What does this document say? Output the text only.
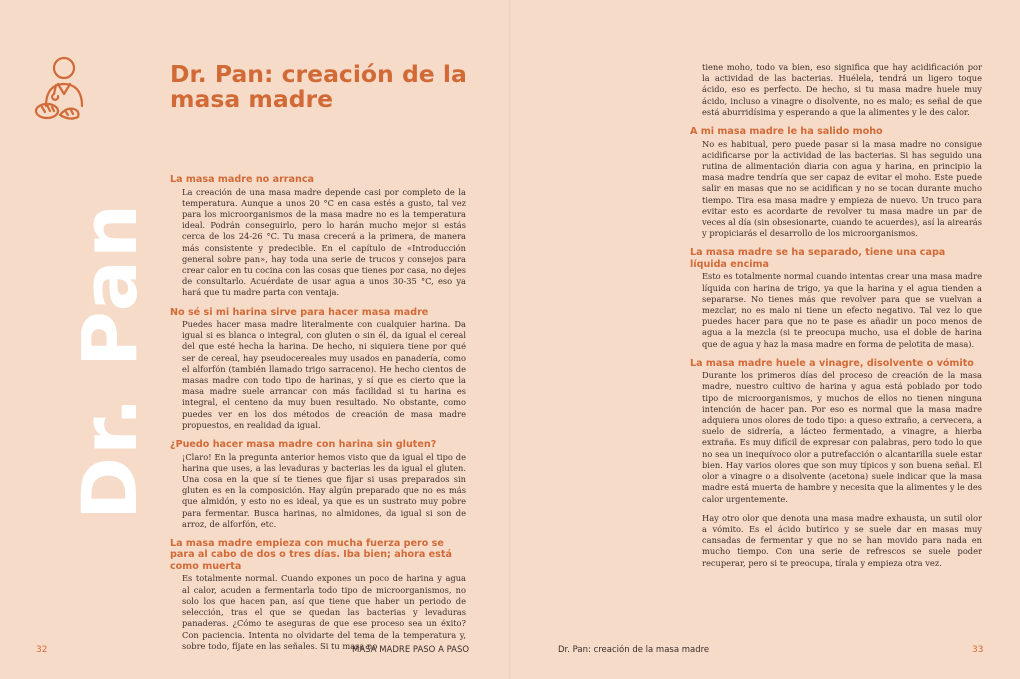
Dr. Pan
Dr. Pan: creación de la masa madre
La masa madre no arranca

La creación de una masa madre depende casi por completo de la temperatura. Aunque a unos 20 °C en casa estés a gusto, tal vez para los microorganismos de la masa madre no es la temperatura ideal. Podrán conseguirlo, pero lo harán mucho mejor si estás cerca de los 24-26 °C. Tu masa crecerá a la primera, de manera más consistente y predecible. En el capítulo de «Introducción general sobre pan», hay toda una serie de trucos y consejos para crear calor en tu cocina con las cosas que tienes por casa, no dejes de consultarlo. Acuérdate de usar agua a unos 30-35 °C, eso ya hará que tu madre parta con ventaja.

No sé si mi harina sirve para hacer masa madre

Puedes hacer masa madre literalmente con cualquier harina. Da igual si es blanca o integral, con gluten o sin él, da igual el cereal del que esté hecha la harina. De hecho, ni siquiera tiene por qué ser de cereal, hay pseudocereales muy usados en panadería, como el alforfón (también llamado trigo sarraceno). He hecho cientos de masas madre con todo tipo de harinas, y sí que es cierto que la masa madre suele arrancar con más facilidad si tu harina es integral, el centeno da muy buen resultado. No obstante, como puedes ver en los dos métodos de creación de masa madre propuestos, en realidad da igual.

¿Puedo hacer masa madre con harina sin gluten?

¡Claro! En la pregunta anterior hemos visto que da igual el tipo de harina que uses, a las levaduras y bacterias les da igual el gluten. Una cosa en la que sí te tienes que fijar si usas preparados sin gluten es en la composición. Hay algún preparado que no es más que almidón, y esto no es ideal, ya que es un sustrato muy pobre para fermentar. Busca harinas, no almidones, da igual si son de arroz, de alforfón, etc.

La masa madre empieza con mucha fuerza pero se para al cabo de dos o tres días. Iba bien; ahora está como muerta

Es totalmente normal. Cuando expones un poco de harina y agua al calor, acuden a fermentarla todo tipo de microorganismos, no solo los que hacen pan, así que tiene que haber un periodo de selección, tras el que se quedan las bacterias y levaduras panaderas. ¿Cómo te aseguras de que ese proceso sea un éxito? Con paciencia. Intenta no olvidarte del tema de la temperatura y, sobre todo, fíjate en las señales. Si tu masa no

32	MASA MADRE PASO A PASO	Dr. Pan: creación de la masa madre	33

tiene moho, todo va bien, eso significa que hay acidificación por la actividad de las bacterias. Huélela, tendrá un ligero toque ácido, eso es perfecto. De hecho, si tu masa madre huele muy ácido, incluso a vinagre o disolvente, no es malo; es señal de que está aburridísima y esperando a que la alimentes y le des calor.

A mi masa madre le ha salido moho

No es habitual, pero puede pasar si la masa madre no consigue acidificarse por la actividad de las bacterias. Si has seguido una rutina de alimentación diaria con agua y harina, en principio la masa madre tendría que ser capaz de evitar el moho. Este puede salir en masas que no se acidifican y no se tocan durante mucho tiempo. Tira esa masa madre y empieza de nuevo. Un truco para evitar esto es acordarte de revolver tu masa madre un par de veces al día (sin obsesionarte, cuando te acuerdes), así la airearás y propiciarás el desarrollo de los microorganismos.

La masa madre se ha separado, tiene una capa líquida encima

Esto es totalmente normal cuando intentas crear una masa madre líquida con harina de trigo, ya que la harina y el agua tienden a separarse. No tienes más que revolver para que se vuelvan a mezclar, no es malo ni tiene un efecto negativo. Tal vez lo que puedes hacer para que no te pase es añadir un poco menos de agua a la mezcla (si te preocupa mucho, usa el doble de harina que de agua y haz la masa madre en forma de pelotita de masa).

La masa madre huele a vinagre, disolvente o vómito

Durante los primeros días del proceso de creación de la masa madre, nuestro cultivo de harina y agua está poblado por todo tipo de microorganismos, y muchos de ellos no tienen ninguna intención de hacer pan. Por eso es normal que la masa madre adquiera unos olores de todo tipo: a queso extraño, a cervecera, a suelo de sidrería, a lácteo fermentado, a vinagre, a hierba extraña. Es muy difícil de expresar con palabras, pero todo lo que no sea un inequívoco olor a putrefacción o alcantarilla suele estar bien. Hay varios olores que son muy típicos y son buena señal. El olor a vinagre o a disolvente (acetona) suele indicar que la masa madre está muerta de hambre y necesita que la alimentes y le des calor urgentemente.

Hay otro olor que denota una masa madre exhausta, un sutil olor a vómito. Es el ácido butírico y se suele dar en masas muy cansadas de fermentar y que no se han movido para nada en mucho tiempo. Con una serie de refrescos se suele poder recuperar, pero si te preocupa, tírala y empieza otra vez.
